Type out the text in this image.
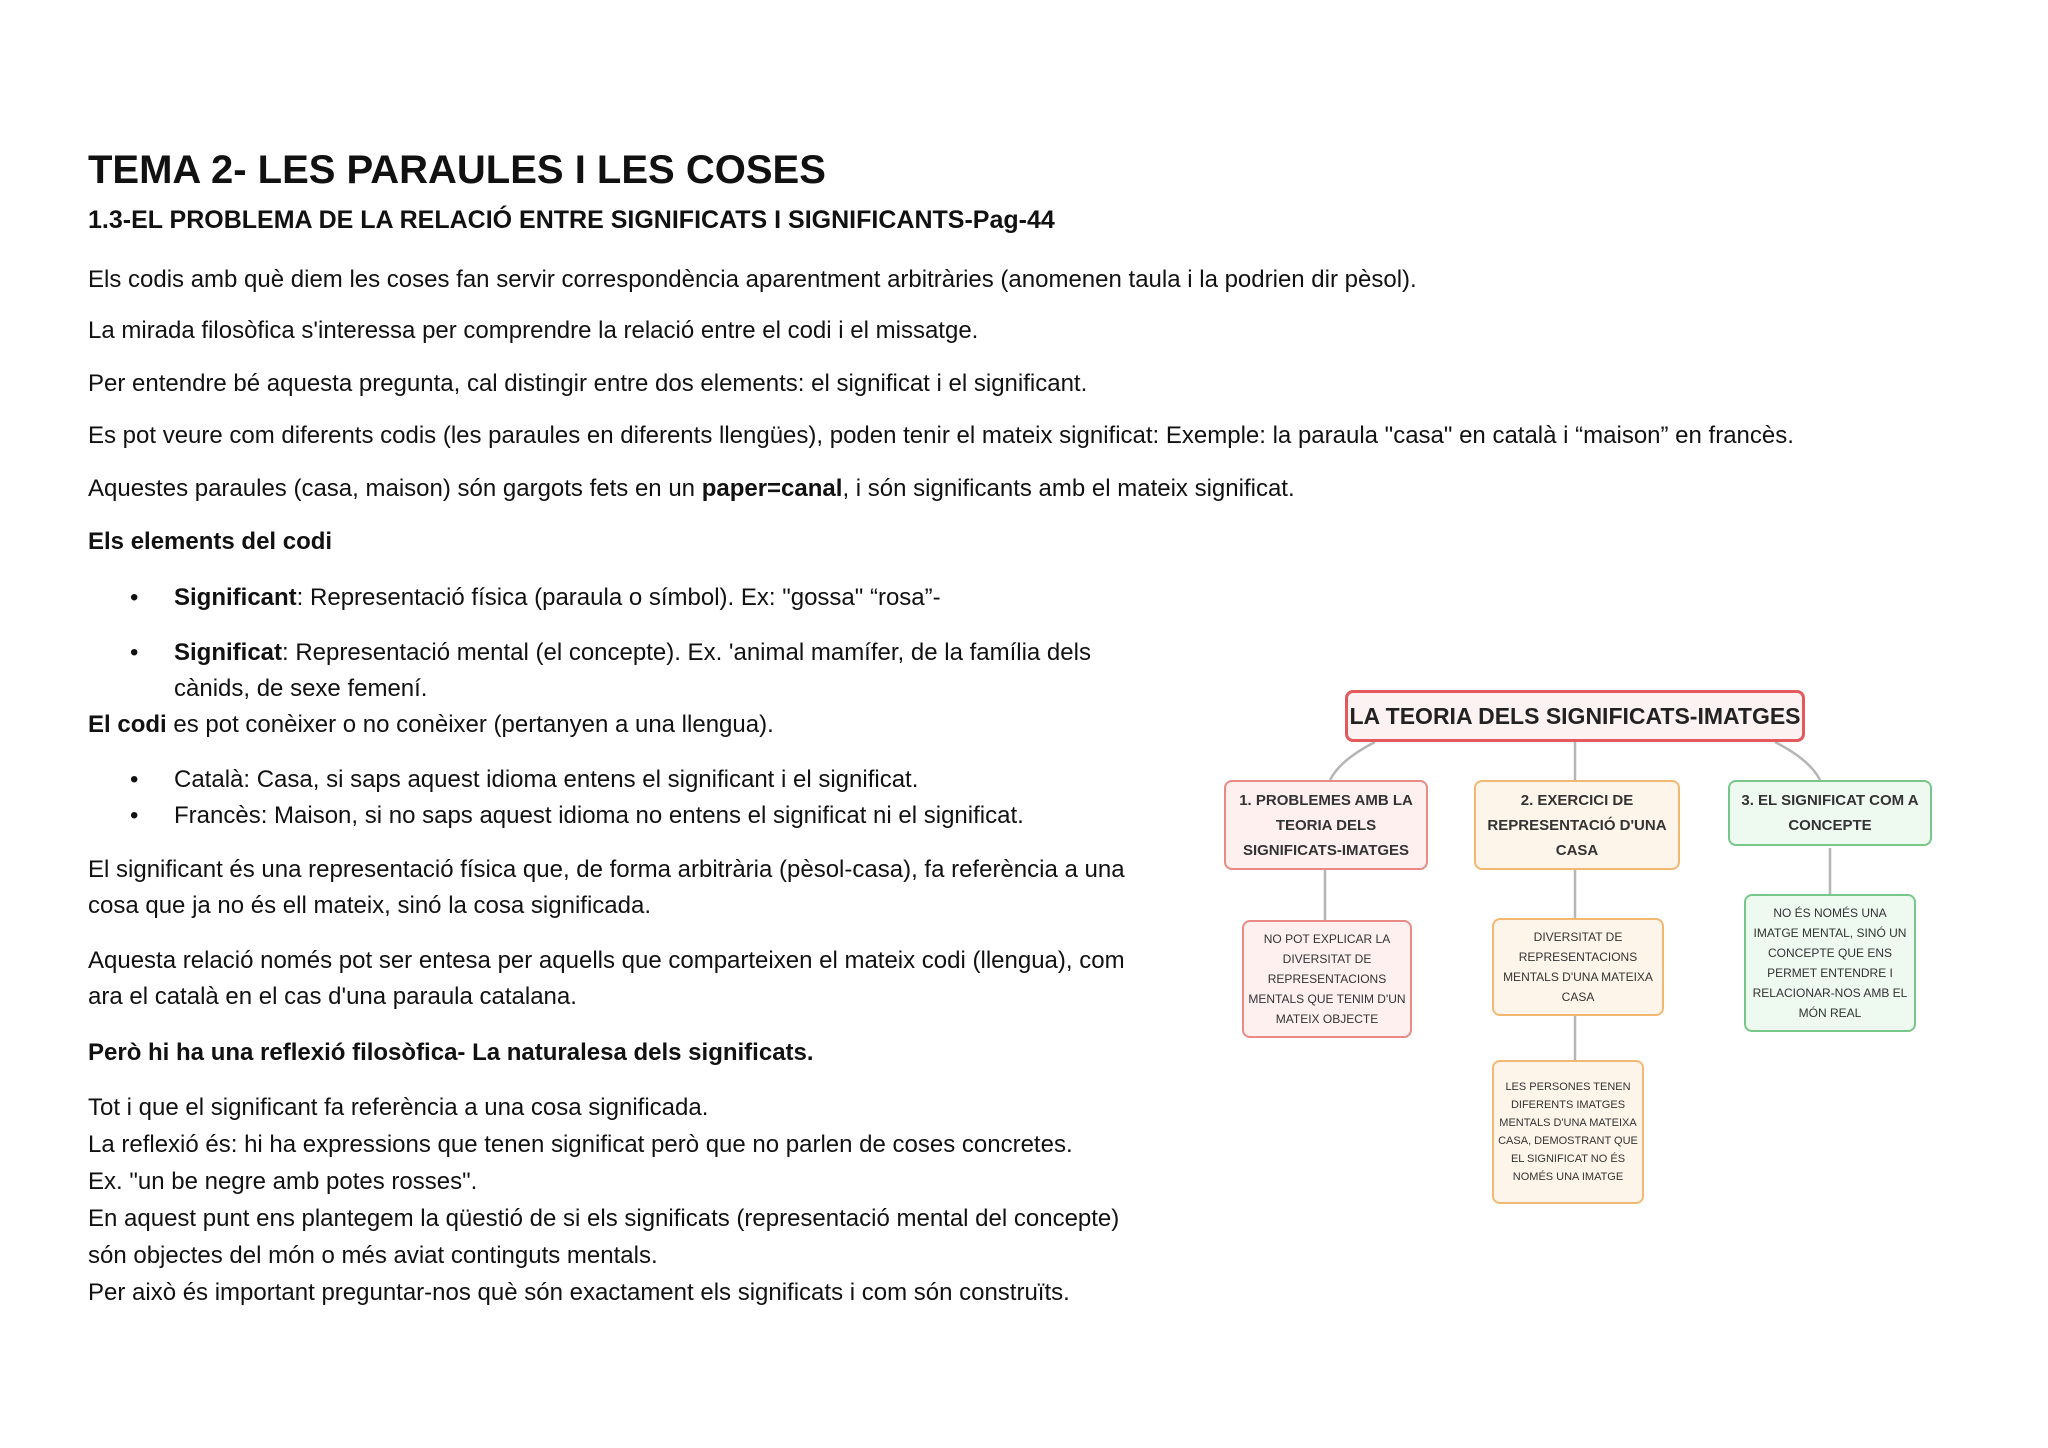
TEMA 2- LES PARAULES I LES COSES
1.3-EL PROBLEMA DE LA RELACIÓ ENTRE SIGNIFICATS I SIGNIFICANTS-Pag-44
Els codis amb què diem les coses fan servir correspondència aparentment arbitràries (anomenen taula i la podrien dir pèsol).
La mirada filosòfica s'interessa per comprendre la relació entre el codi i el missatge.
Per entendre bé aquesta pregunta, cal distingir entre dos elements: el significat i el significant.
Es pot veure com diferents codis (les paraules en diferents llengües), poden tenir el mateix significat: Exemple: la paraula "casa" en català i “maison” en francès.
Aquestes paraules (casa, maison) són gargots fets en un paper=canal, i són significants amb el mateix significat.
Els elements del codi
• Significant: Representació física (paraula o símbol). Ex: "gossa" “rosa”-
• Significat: Representació mental (el concepte). Ex. 'animal mamífer, de la família dels
cànids, de sexe femení.
El codi es pot conèixer o no conèixer (pertanyen a una llengua).
• Català: Casa, si saps aquest idioma entens el significant i el significat.
• Francès: Maison, si no saps aquest idioma no entens el significat ni el significat.
El significant és una representació física que, de forma arbitrària (pèsol-casa), fa referència a una
cosa que ja no és ell mateix, sinó la cosa significada.
Aquesta relació només pot ser entesa per aquells que comparteixen el mateix codi (llengua), com
ara el català en el cas d'una paraula catalana.
Però hi ha una reflexió filosòfica- La naturalesa dels significats.
Tot i que el significant fa referència a una cosa significada.
La reflexió és: hi ha expressions que tenen significat però que no parlen de coses concretes.
Ex. "un be negre amb potes rosses".
En aquest punt ens plantegem la qüestió de si els significats (representació mental del concepte)
són objectes del món o més aviat continguts mentals.
Per això és important preguntar-nos què són exactament els significats i com són construïts.
LA TEORIA DELS SIGNIFICATS-IMATGES
1. PROBLEMES AMB LA TEORIA DELS SIGNIFICATS-IMATGES
2. EXERCICI DE REPRESENTACIÓ D'UNA CASA
3. EL SIGNIFICAT COM A CONCEPTE
NO POT EXPLICAR LA DIVERSITAT DE REPRESENTACIONS MENTALS QUE TENIM D'UN MATEIX OBJECTE
DIVERSITAT DE REPRESENTACIONS MENTALS D'UNA MATEIXA CASA
LES PERSONES TENEN DIFERENTS IMATGES MENTALS D'UNA MATEIXA CASA, DEMOSTRANT QUE EL SIGNIFICAT NO ÉS NOMÉS UNA IMATGE
NO ÉS NOMÉS UNA IMATGE MENTAL, SINÓ UN CONCEPTE QUE ENS PERMET ENTENDRE I RELACIONAR-NOS AMB EL MÓN REAL
